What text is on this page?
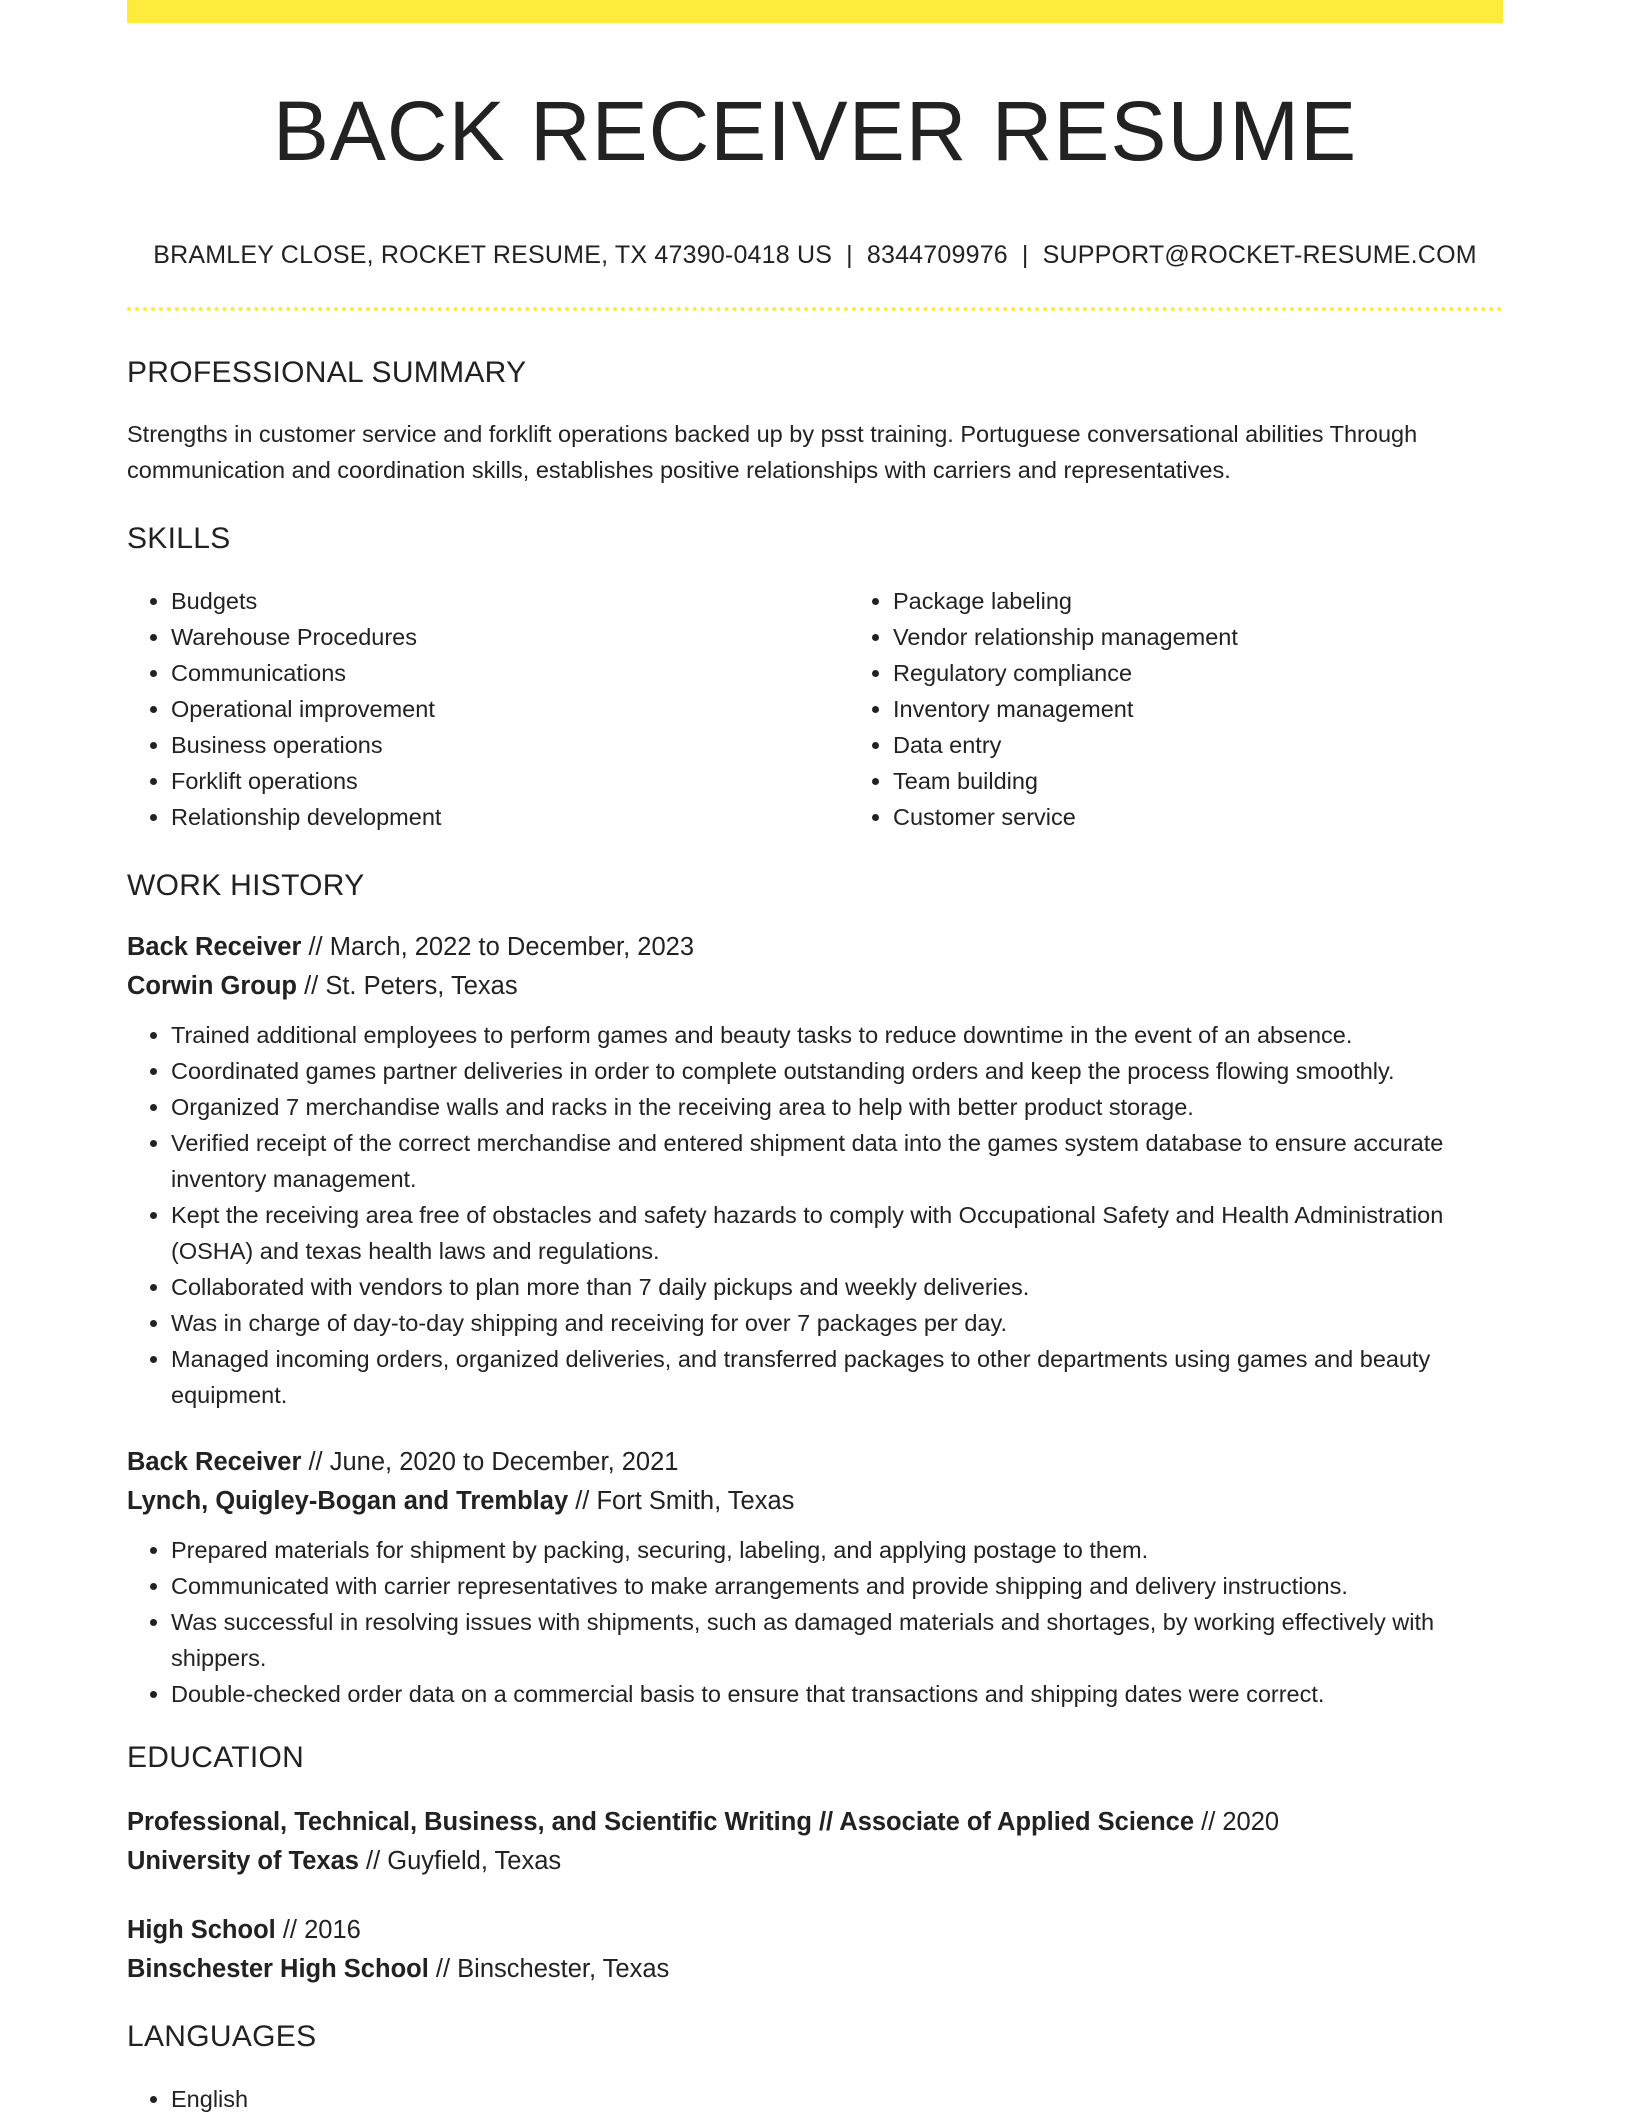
BACK RECEIVER RESUME
BRAMLEY CLOSE, ROCKET RESUME, TX 47390-0418 US | 8344709976 | SUPPORT@ROCKET-RESUME.COM
PROFESSIONAL SUMMARY
Strengths in customer service and forklift operations backed up by psst training. Portuguese conversational abilities Through communication and coordination skills, establishes positive relationships with carriers and representatives.
SKILLS
• Budgets
• Warehouse Procedures
• Communications
• Operational improvement
• Business operations
• Forklift operations
• Relationship development
• Package labeling
• Vendor relationship management
• Regulatory compliance
• Inventory management
• Data entry
• Team building
• Customer service
WORK HISTORY
Back Receiver // March, 2022 to December, 2023
Corwin Group // St. Peters, Texas
• Trained additional employees to perform games and beauty tasks to reduce downtime in the event of an absence.
• Coordinated games partner deliveries in order to complete outstanding orders and keep the process flowing smoothly.
• Organized 7 merchandise walls and racks in the receiving area to help with better product storage.
• Verified receipt of the correct merchandise and entered shipment data into the games system database to ensure accurate inventory management.
• Kept the receiving area free of obstacles and safety hazards to comply with Occupational Safety and Health Administration (OSHA) and texas health laws and regulations.
• Collaborated with vendors to plan more than 7 daily pickups and weekly deliveries.
• Was in charge of day-to-day shipping and receiving for over 7 packages per day.
• Managed incoming orders, organized deliveries, and transferred packages to other departments using games and beauty equipment.
Back Receiver // June, 2020 to December, 2021
Lynch, Quigley-Bogan and Tremblay // Fort Smith, Texas
• Prepared materials for shipment by packing, securing, labeling, and applying postage to them.
• Communicated with carrier representatives to make arrangements and provide shipping and delivery instructions.
• Was successful in resolving issues with shipments, such as damaged materials and shortages, by working effectively with shippers.
• Double-checked order data on a commercial basis to ensure that transactions and shipping dates were correct.
EDUCATION
Professional, Technical, Business, and Scientific Writing // Associate of Applied Science // 2020
University of Texas // Guyfield, Texas
High School // 2016
Binschester High School // Binschester, Texas
LANGUAGES
• English
